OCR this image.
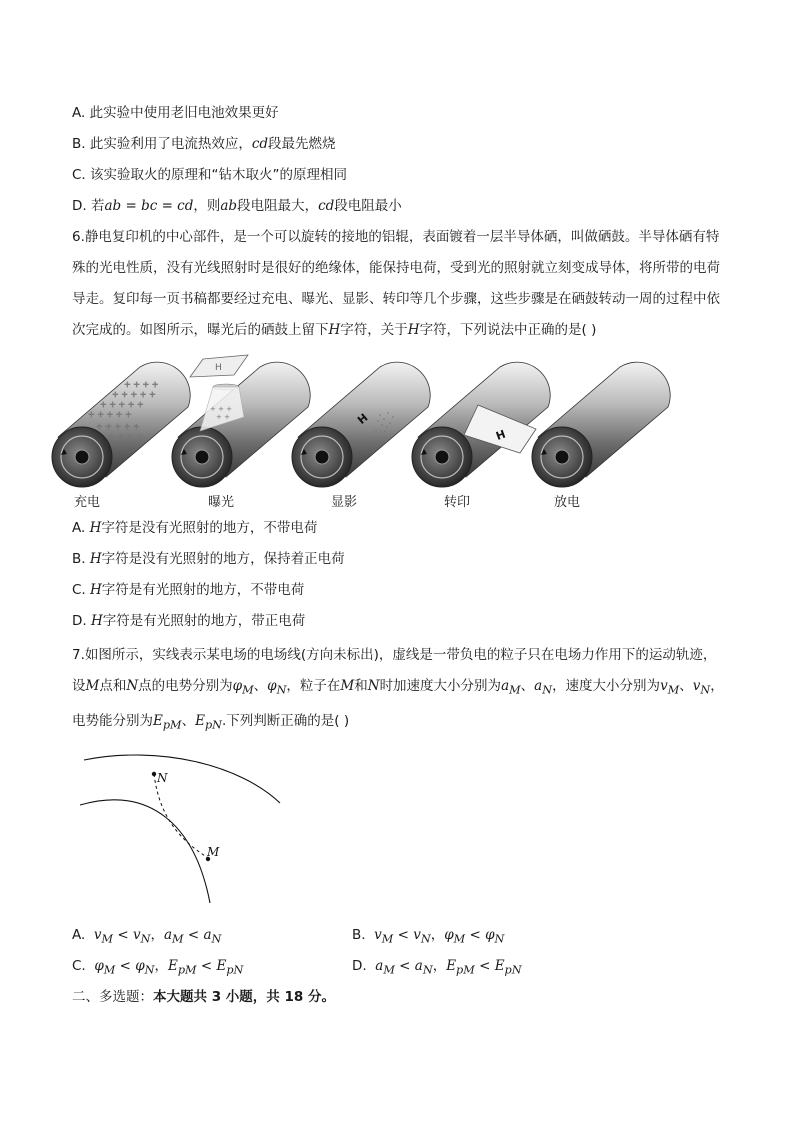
A. 此实验中使用老旧电池效果更好
B. 此实验利用了电流热效应，cd段最先燃烧
C. 该实验取火的原理和“钻木取火”的原理相同
D. 若ab = bc = cd，则ab段电阻最大，cd段电阻最小
6.静电复印机的中心部件，是一个可以旋转的接地的铝辊，表面镀着一层半导体硒，叫做硒鼓。半导体硒有特殊的光电性质，没有光线照射时是很好的绝缘体，能保持电荷，受到光的照射就立刻变成导体，将所带的电荷导走。复印每一页书稿都要经过充电、曝光、显影、转印等几个步骤，这些步骤是在硒鼓转动一周的过程中依次完成的。如图所示，曝光后的硒鼓上留下H字符，关于H字符，下列说法中正确的是( )
+ + + + +
+ + + + +
+ + + + +
+ + + +
+ + + + +
+ + + +
H
+ + +
+ +	H
H
充电	曝光	显影	转印	放电
A. H字符是没有光照射的地方，不带电荷
B. H字符是没有光照射的地方，保持着正电荷
C. H字符是有光照射的地方，不带电荷
D. H字符是有光照射的地方，带正电荷
7.如图所示，实线表示某电场的电场线(方向未标出)，虚线是一带负电的粒子只在电场力作用下的运动轨迹，设M点和N点的电势分别为$\varphi_M$、$\varphi_N$，粒子在M和N时加速度大小分别为$a_M$、$a_N$，速度大小分别为$v_M$、$v_N$，电势能分别为$E_{pM}$、$E_{pN}$.下列判断正确的是( )
N
M
A.  $v_M < v_N$，$a_M < a_N$	B.  $v_M < v_N$，$\varphi_M < \varphi_N$
C.  $\varphi_M < \varphi_N$，$E_{pM} < E_{pN}$	D.  $a_M < a_N$，$E_{pM} < E_{pN}$
二、多选题：本大题共 3 小题，共 18 分。
